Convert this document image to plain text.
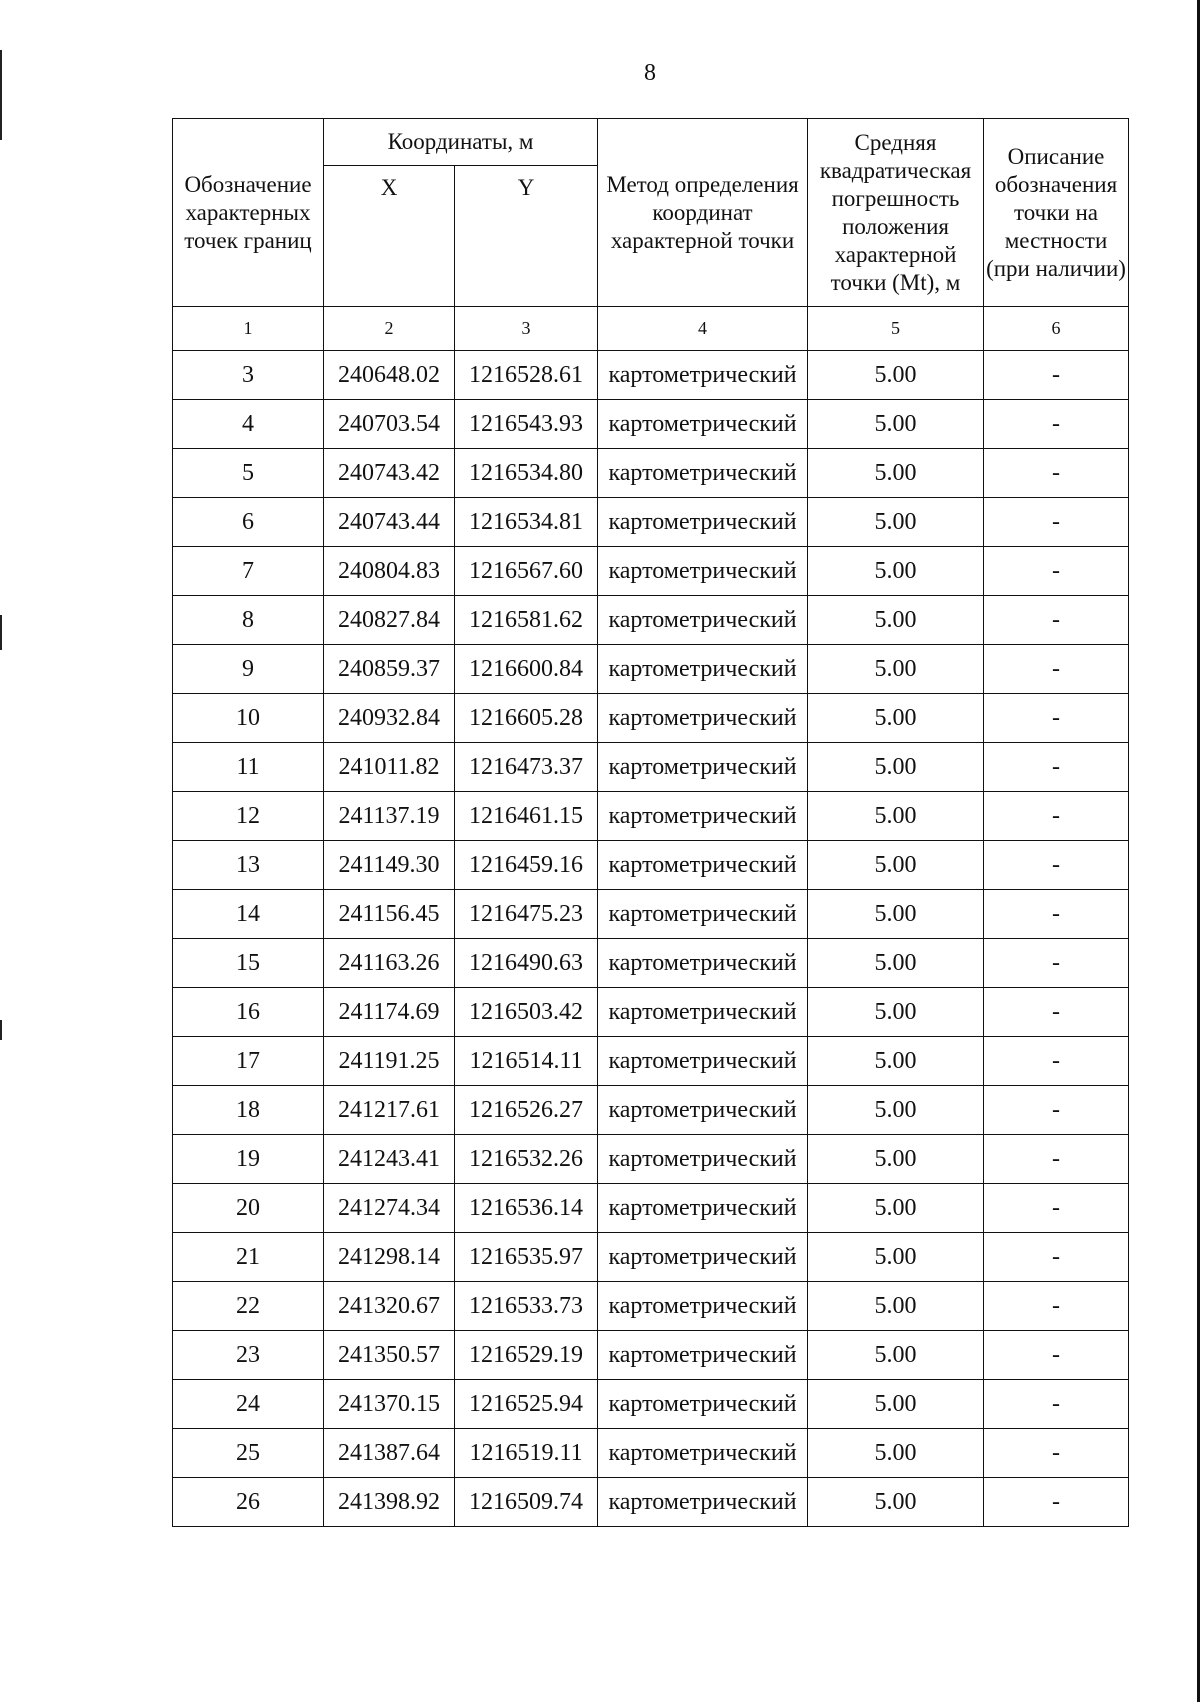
8
Обозначение характерных точек границ	Координаты, м		Метод определения координат характерной точки	Средняя квадратическая погрешность положения характерной точки (Mt), м	Описание обозначения точки на местности (при наличии)
	X	Y			
1	2	3	4	5	6
3	240648.02	1216528.61	картометрический	5.00	-
4	240703.54	1216543.93	картометрический	5.00	-
5	240743.42	1216534.80	картометрический	5.00	-
6	240743.44	1216534.81	картометрический	5.00	-
7	240804.83	1216567.60	картометрический	5.00	-
8	240827.84	1216581.62	картометрический	5.00	-
9	240859.37	1216600.84	картометрический	5.00	-
10	240932.84	1216605.28	картометрический	5.00	-
11	241011.82	1216473.37	картометрический	5.00	-
12	241137.19	1216461.15	картометрический	5.00	-
13	241149.30	1216459.16	картометрический	5.00	-
14	241156.45	1216475.23	картометрический	5.00	-
15	241163.26	1216490.63	картометрический	5.00	-
16	241174.69	1216503.42	картометрический	5.00	-
17	241191.25	1216514.11	картометрический	5.00	-
18	241217.61	1216526.27	картометрический	5.00	-
19	241243.41	1216532.26	картометрический	5.00	-
20	241274.34	1216536.14	картометрический	5.00	-
21	241298.14	1216535.97	картометрический	5.00	-
22	241320.67	1216533.73	картометрический	5.00	-
23	241350.57	1216529.19	картометрический	5.00	-
24	241370.15	1216525.94	картометрический	5.00	-
25	241387.64	1216519.11	картометрический	5.00	-
26	241398.92	1216509.74	картометрический	5.00	-
